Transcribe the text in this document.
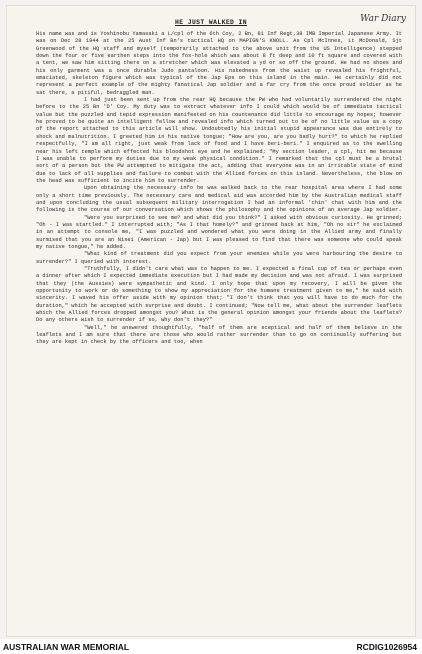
War Diary
HE JUST WALKED IN

His name was and is Yoshinobu Yamasaki a L/cpl of the 6th Coy, 2 Bn, 81 Inf Regt,38 IMB Imperial Japanese Army. It was on Dec 28 1944 at the 25 Aust Inf Bn's tactical HQ on MAPIGN'S KNOLL. As Cpl McInnes, Lt McDonald, Sjt Greenwood of the HQ staff and myself (temporarily attached to the above unit from the US Intelligence) stepped down the four or five earthen steps into the fox-hole which was about 8 ft deep and 10 ft square and covered with a tent, we saw him sitting there on a stretcher which was elevated a yd or so off the ground. He had no shoes and his only garment was a once durable Judo pantaloon. His nakedness from the waist up revealed his frightful, emaciated, skeleton figure which was typical of the Jap Eps on this island in the main. He certainly did not represent a perfect example of the mighty fanatical Jap soldier and a far cry from the once proud soldier as he sat there, a pitiful, bedraggled man.

I had just been sent up from the rear HQ because the PW who had voluntarily surrendered the night before to the 25 Bn 'D' Coy. My duty was to extract whatever info I could which would be of immediate tactical value but the puzzled and tepid expression manifested on his countenance did little to encourage my hopes; however he proved to be quite an intelligent fellow and revealed info which turned out to be of no little value as a copy of the report attached to this article will show. Undoubtedly his initial stupid appearance was due entirely to shock and malnutrition. I greeted him in his native tongue; "How are you, are you badly hurt?" to which he replied respectfully, "I am all right, just weak from lack of food and I have beri-beri." I enquired as to the swelling near his left temple which effected his bloodshot eye and he explained; "My section leader, a cpl, hit me because I was unable to perform my duties due to my weak physical condition." I remarked that the cpl must be a brutal sort of a person but the PW attempted to mitigate the act, adding that everyone was in an irritable state of mind due to lack of all supplies and failure to combat with the Allied forces on this island. Nevertheless, the blow on the head was sufficient to incite him to surrender.

Upon obtaining the necessary info he was walked back to the rear hospital area where I had some only a short time previously. The necessary care and medical aid was accorded him by the Australian medical staff and upon concluding the usual subsequent military interrogation I had an informal 'chin' chat with him and the following is the course of our conversation which shows the philosophy and the opinions of an average Jap soldier.

"Were you surprised to see me? and what did you think?" I asked with obvious curiosity. He grinned; "Oh - I was startled." I interrupted with; "As I that homely?" and grinned back at him, "Oh no sir" he exclaimed in an attempt to console me, "I was puzzled and wondered what you were doing in the Allied army and finally surmised that you are an Nisei (American - Jap) but I was pleased to find that there was someone who could speak my native tongue," he added.

"What kind of treatment did you expect from your enemies while you were harbouring the desire to surrender?" I queried with interest.

"Truthfully, I didn't care what was to happen to me. I expected a final cup of tea or perhaps even a dinner after which I expected immediate execution but I had made my decision and was not afraid. I was surprised that they (the Aussies) were sympathetic and kind. I only hope that upon my recovery, I will be given the opportunity to work or do something to show my appreciation for the humane treatment given to me," he said with sincerity. I waved his offer aside with my opinion that; "I don't think that you will have to do much for the duration," which he accepted with surprise and doubt. I continued; "Now tell me, what about the surrender leaflets which the Allied forces dropped amongst you? What is the general opinion amongst your friends about the leaflets? Do any others wish to surrender if so, why don't they?"

"Well," he answered thoughtfully, "half of them are sceptical and half of them believe in the leaflets and I am sure that there are those who would rather surrender than to go on continually suffering but they are kept in check by the officers and too, when

AUSTRALIAN WAR MEMORIAL	RCDIG1026954
